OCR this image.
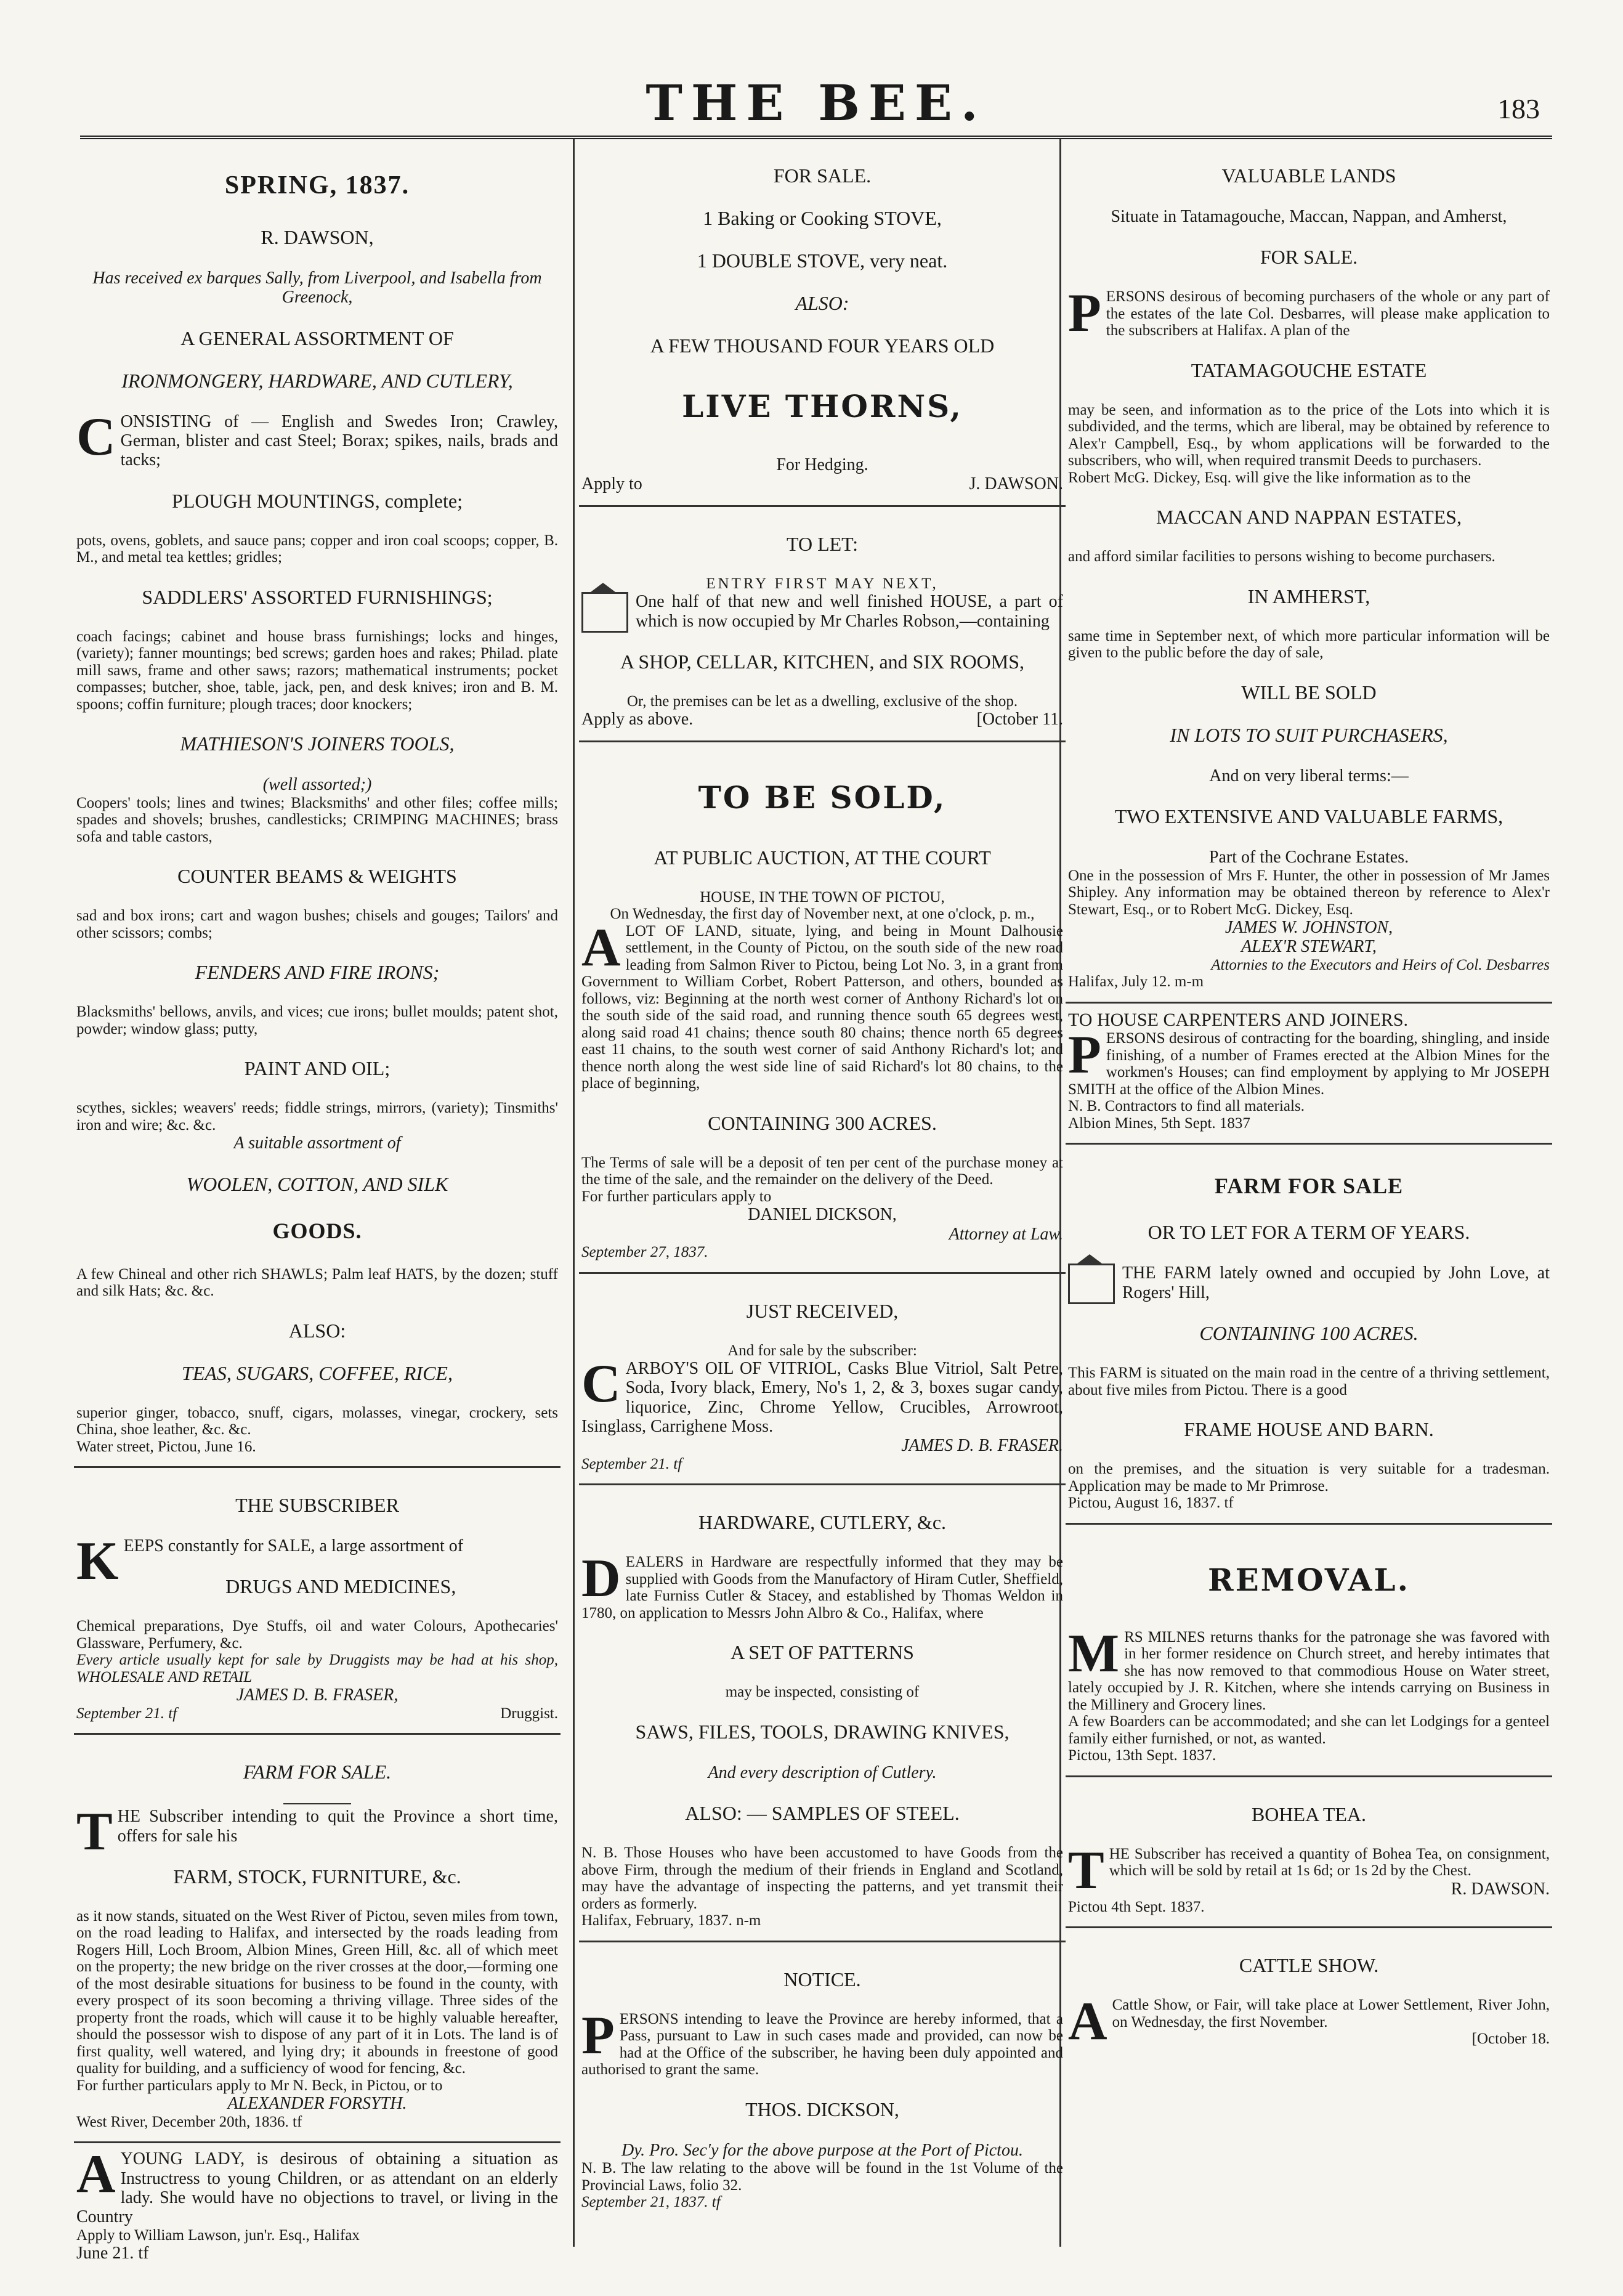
THE BEE.	183

SPRING, 1837.

R. DAWSON,

Has received ex barques Sally, from Liverpool, and Isabella from Greenock,

A GENERAL ASSORTMENT OF

IRONMONGERY, HARDWARE, AND CUTLERY,

CONSISTING of — English and Swedes Iron; Crawley, German, blister and cast Steel; Borax; spikes, nails, brads and tacks;

PLOUGH MOUNTINGS, complete;

pots, ovens, goblets, and sauce pans; copper and iron coal scoops; copper, B. M., and metal tea kettles; gridles;

SADDLERS' ASSORTED FURNISHINGS;

coach facings; cabinet and house brass furnishings; locks and hinges, (variety); fanner mountings; bed screws; garden hoes and rakes; Philad. plate mill saws, frame and other saws; razors; mathematical instruments; pocket compasses; butcher, shoe, table, jack, pen, and desk knives; iron and B. M. spoons; coffin furniture; plough traces; door knockers;

MATHIESON'S JOINERS TOOLS,

(well assorted;)

Coopers' tools; lines and twines; Blacksmiths' and other files; coffee mills; spades and shovels; brushes, candlesticks; CRIMPING MACHINES; brass sofa and table castors,

COUNTER BEAMS & WEIGHTS

sad and box irons; cart and wagon bushes; chisels and gouges; Tailors' and other scissors; combs;

FENDERS AND FIRE IRONS;

Blacksmiths' bellows, anvils, and vices; cue irons; bullet moulds; patent shot, powder; window glass; putty,

PAINT AND OIL;

scythes, sickles; weavers' reeds; fiddle strings, mirrors, (variety); Tinsmiths' iron and wire; &c. &c.

A suitable assortment of

WOOLEN, COTTON, AND SILK

GOODS.

A few Chineal and other rich SHAWLS; Palm leaf HATS, by the dozen; stuff and silk Hats; &c. &c.

ALSO:

TEAS, SUGARS, COFFEE, RICE,

superior ginger, tobacco, snuff, cigars, molasses, vinegar, crockery, sets China, shoe leather, &c. &c.

Water street, Pictou, June 16.

THE SUBSCRIBER

KEEPS constantly for SALE, a large assortment of

DRUGS AND MEDICINES,

Chemical preparations, Dye Stuffs, oil and water Colours, Apothecaries' Glassware, Perfumery, &c.

Every article usually kept for sale by Druggists may be had at his shop, WHOLESALE AND RETAIL

JAMES D. B. FRASER,

September 21. tf	Druggist.

FARM FOR SALE.

THE Subscriber intending to quit the Province a short time, offers for sale his

FARM, STOCK, FURNITURE, &c.

as it now stands, situated on the West River of Pictou, seven miles from town, on the road leading to Halifax, and intersected by the roads leading from Rogers Hill, Loch Broom, Albion Mines, Green Hill, &c. all of which meet on the property; the new bridge on the river crosses at the door,—forming one of the most desirable situations for business to be found in the county, with every prospect of its soon becoming a thriving village. Three sides of the property front the roads, which will cause it to be highly valuable hereafter, should the possessor wish to dispose of any part of it in Lots. The land is of first quality, well watered, and lying dry; it abounds in freestone of good quality for building, and a sufficiency of wood for fencing, &c.

For further particulars apply to Mr N. Beck, in Pictou, or to

ALEXANDER FORSYTH.

West River, December 20th, 1836. tf

AYOUNG LADY, is desirous of obtaining a situation as Instructress to young Children, or as attendant on an elderly lady. She would have no objections to travel, or living in the Country

Apply to William Lawson, jun'r. Esq., Halifax

June 21. tf

FOR SALE.

1 Baking or Cooking STOVE,

1 DOUBLE STOVE, very neat.

ALSO:

A FEW THOUSAND FOUR YEARS OLD

LIVE THORNS,

For Hedging.

Apply to	J. DAWSON.

TO LET:

ENTRY FIRST MAY NEXT,

One half of that new and well finished HOUSE, a part of which is now occupied by Mr Charles Robson,—containing

A SHOP, CELLAR, KITCHEN, and SIX ROOMS,

Or, the premises can be let as a dwelling, exclusive of the shop.

Apply as above.	[October 11.

TO BE SOLD,

AT PUBLIC AUCTION, AT THE COURT

HOUSE, IN THE TOWN OF PICTOU,

On Wednesday, the first day of November next, at one o'clock, p. m.,

ALOT OF LAND, situate, lying, and being in Mount Dalhousie settlement, in the County of Pictou, on the south side of the new road leading from Salmon River to Pictou, being Lot No. 3, in a grant from Government to William Corbet, Robert Patterson, and others, bounded as follows, viz: Beginning at the north west corner of Anthony Richard's lot on the south side of the said road, and running thence south 65 degrees west, along said road 41 chains; thence south 80 chains; thence north 65 degrees east 11 chains, to the south west corner of said Anthony Richard's lot; and thence north along the west side line of said Richard's lot 80 chains, to the place of beginning,

CONTAINING 300 ACRES.

The Terms of sale will be a deposit of ten per cent of the purchase money at the time of the sale, and the remainder on the delivery of the Deed.

For further particulars apply to

DANIEL DICKSON,

Attorney at Law.

September 27, 1837.

JUST RECEIVED,

And for sale by the subscriber:

CARBOY'S OIL OF VITRIOL, Casks Blue Vitriol, Salt Petre, Soda, Ivory black, Emery, No's 1, 2, & 3, boxes sugar candy, liquorice, Zinc, Chrome Yellow, Crucibles, Arrowroot, Isinglass, Carrighene Moss.

JAMES D. B. FRASER.

September 21. tf

HARDWARE, CUTLERY, &c.

DEALERS in Hardware are respectfully informed that they may be supplied with Goods from the Manufactory of Hiram Cutler, Sheffield, late Furniss Cutler & Stacey, and established by Thomas Weldon in 1780, on application to Messrs John Albro & Co., Halifax, where

A SET OF PATTERNS

may be inspected, consisting of

SAWS, FILES, TOOLS, DRAWING KNIVES,

And every description of Cutlery.

ALSO: — SAMPLES OF STEEL.

N. B. Those Houses who have been accustomed to have Goods from the above Firm, through the medium of their friends in England and Scotland, may have the advantage of inspecting the patterns, and yet transmit their orders as formerly.

Halifax, February, 1837. n-m

NOTICE.

PERSONS intending to leave the Province are hereby informed, that a Pass, pursuant to Law in such cases made and provided, can now be had at the Office of the subscriber, he having been duly appointed and authorised to grant the same.

THOS. DICKSON,

Dy. Pro. Sec'y for the above purpose at the Port of Pictou.

N. B. The law relating to the above will be found in the 1st Volume of the Provincial Laws, folio 32.

September 21, 1837. tf

VALUABLE LANDS

Situate in Tatamagouche, Maccan, Nappan, and Amherst,

FOR SALE.

PERSONS desirous of becoming purchasers of the whole or any part of the estates of the late Col. Desbarres, will please make application to the subscribers at Halifax. A plan of the

TATAMAGOUCHE ESTATE

may be seen, and information as to the price of the Lots into which it is subdivided, and the terms, which are liberal, may be obtained by reference to Alex'r Campbell, Esq., by whom applications will be forwarded to the subscribers, who will, when required transmit Deeds to purchasers.

Robert McG. Dickey, Esq. will give the like information as to the

MACCAN AND NAPPAN ESTATES,

and afford similar facilities to persons wishing to become purchasers.

IN AMHERST,

same time in September next, of which more particular information will be given to the public before the day of sale,

WILL BE SOLD

IN LOTS TO SUIT PURCHASERS,

And on very liberal terms:—

TWO EXTENSIVE AND VALUABLE FARMS,

Part of the Cochrane Estates.

One in the possession of Mrs F. Hunter, the other in possession of Mr James Shipley. Any information may be obtained thereon by reference to Alex'r Stewart, Esq., or to Robert McG. Dickey, Esq.

JAMES W. JOHNSTON,

ALEX'R STEWART,

Attornies to the Executors and Heirs of Col. Desbarres

Halifax, July 12. m-m

TO HOUSE CARPENTERS AND JOINERS.

PERSONS desirous of contracting for the boarding, shingling, and inside finishing, of a number of Frames erected at the Albion Mines for the workmen's Houses; can find employment by applying to Mr JOSEPH SMITH at the office of the Albion Mines.

N. B. Contractors to find all materials.

Albion Mines, 5th Sept. 1837

FARM FOR SALE

OR TO LET FOR A TERM OF YEARS.

THE FARM lately owned and occupied by John Love, at Rogers' Hill,

CONTAINING 100 ACRES.

This FARM is situated on the main road in the centre of a thriving settlement, about five miles from Pictou. There is a good

FRAME HOUSE AND BARN.

on the premises, and the situation is very suitable for a tradesman. Application may be made to Mr Primrose.

Pictou, August 16, 1837. tf

REMOVAL.

MRS MILNES returns thanks for the patronage she was favored with in her former residence on Church street, and hereby intimates that she has now removed to that commodious House on Water street, lately occupied by J. R. Kitchen, where she intends carrying on Business in the Millinery and Grocery lines.

A few Boarders can be accommodated; and she can let Lodgings for a genteel family either furnished, or not, as wanted.

Pictou, 13th Sept. 1837.

BOHEA TEA.

THE Subscriber has received a quantity of Bohea Tea, on consignment, which will be sold by retail at 1s 6d; or 1s 2d by the Chest.

R. DAWSON.

Pictou 4th Sept. 1837.

CATTLE SHOW.

ACattle Show, or Fair, will take place at Lower Settlement, River John, on Wednesday, the first November.

[October 18.
